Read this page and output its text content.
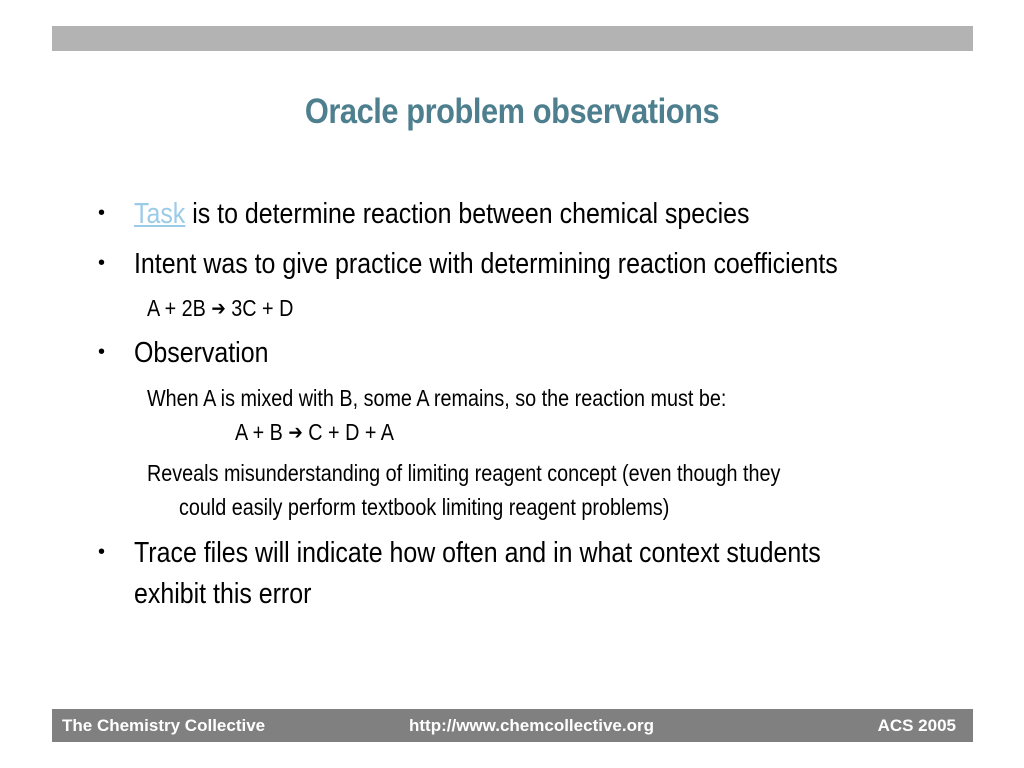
Oracle problem observations
• Task is to determine reaction between chemical species
• Intent was to give practice with determining reaction coefficients
A + 2B ➔ 3C + D
• Observation
When A is mixed with B, some A remains, so the reaction must be:
A + B ➔ C + D + A
Reveals misunderstanding of limiting reagent concept (even though they
could easily perform textbook limiting reagent problems)
• Trace files will indicate how often and in what context students
exhibit this error
The Chemistry Collective	http://www.chemcollective.org	ACS 2005
